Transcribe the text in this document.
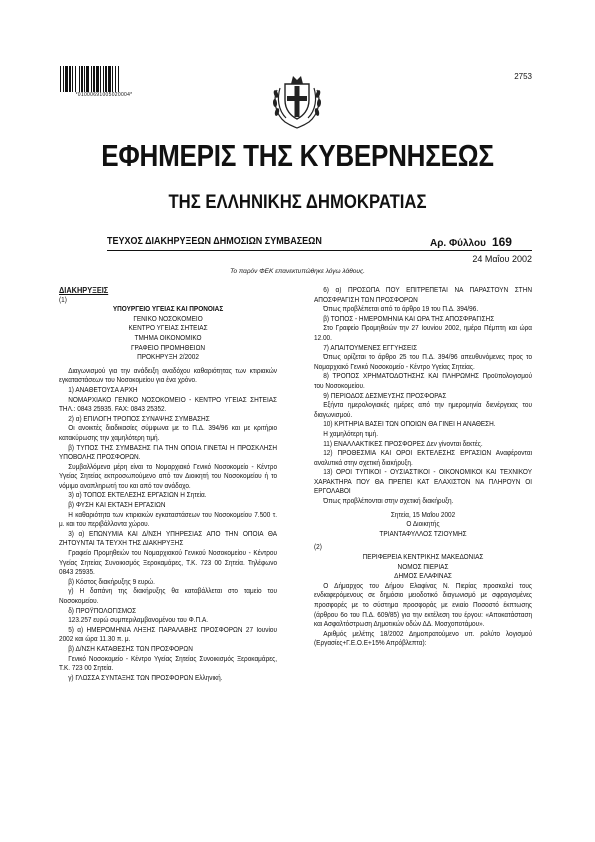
*01000691005020004*
2753
ΕΦΗΜΕΡΙΣ ΤΗΣ ΚΥΒΕΡΝΗΣΕΩΣ
ΤΗΣ ΕΛΛΗΝΙΚΗΣ ΔΗΜΟΚΡΑΤΙΑΣ
ΤΕΥΧΟΣ ΔΙΑΚΗΡΥΞΕΩΝ ΔΗΜΟΣΙΩΝ ΣΥΜΒΑΣΕΩΝ	Αρ. Φύλλου 169
24 Μαΐου 2002
Το παρόν ΦΕΚ επανεκτυπώθηκε λόγω λάθους.

ΔΙΑΚΗΡΥΞΕΙΣ

(1)

ΥΠΟΥΡΓΕΙΟ ΥΓΕΙΑΣ ΚΑΙ ΠΡΟΝΟΙΑΣ

ΓΕΝΙΚΟ ΝΟΣΟΚΟΜΕΙΟ

ΚΕΝΤΡΟ ΥΓΕΙΑΣ ΣΗΤΕΙΑΣ

ΤΜΗΜΑ ΟΙΚΟΝΟΜΙΚΟ

ΓΡΑΦΕΙΟ ΠΡΟΜΗΘΕΙΩΝ

ΠΡΟΚΗΡΥΞΗ 2/2002

Διαγωνισμού για την ανάδειξη αναδόχου καθαριότητας των κτιριακών εγκαταστάσεων του Νοσοκομείου για ένα χρόνο.

1) ΑΝΑΘΕΤΟΥΣΑ ΑΡΧΗ

ΝΟΜΑΡΧΙΑΚΟ ΓΕΝΙΚΟ ΝΟΣΟΚΟΜΕΙΟ - ΚΕΝΤΡΟ ΥΓΕΙΑΣ ΣΗΤΕΙΑΣ ΤΗΛ.: 0843 25935. FAX: 0843 25352.

2) α) ΕΠΙΛΟΓΗ ΤΡΟΠΟΣ ΣΥΝΑΨΗΣ ΣΥΜΒΑΣΗΣ

Οι ανοικτές διαδικασίες σύμφωνα με το Π.Δ. 394/96 και με κριτήριο κατακύρωσης την χαμηλότερη τιμή.

β) ΤΥΠΟΣ ΤΗΣ ΣΥΜΒΑΣΗΣ ΓΙΑ ΤΗΝ ΟΠΟΙΑ ΓΙΝΕΤΑΙ Η ΠΡΟΣΚΛΗΣΗ ΥΠΟΒΟΛΗΣ ΠΡΟΣΦΟΡΩΝ.

Συμβαλλόμενα μέρη είναι το Νομαρχιακό Γενικό Νοσοκομείο - Κέντρο Υγείας Σητείας εκπροσωπούμενο από τον Διοικητή του Νοσοκομείου ή το νόμιμο αναπληρωτή του και από τον ανάδοχο.

3) α) ΤΟΠΟΣ ΕΚΤΕΛΕΣΗΣ ΕΡΓΑΣΙΩΝ Η Σητεία.

β) ΦΥΣΗ ΚΑΙ ΕΚΤΑΣΗ ΕΡΓΑΣΙΩΝ

Η καθαριότητα των κτιριακών εγκαταστάσεων του Νοσοκομείου 7.500 τ. μ. και του περιβάλλοντα χώρου.

3) α) ΕΠΩΝΥΜΙΑ ΚΑΙ Δ/ΝΣΗ ΥΠΗΡΕΣΙΑΣ ΑΠΟ ΤΗΝ ΟΠΟΙΑ ΘΑ ΖΗΤΟΥΝΤΑΙ ΤΑ ΤΕΥΧΗ ΤΗΣ ΔΙΑΚΗΡΥΞΗΣ

Γραφείο Προμηθειών του Νομαρχιακού Γενικού Νοσοκομείου - Κέντρου Υγείας Σητείας Συνοικισμός Ξεροκαμάρες, Τ.Κ. 723 00 Σητεία. Τηλέφωνο 0843 25935.

β) Κόστος διακήρυξης 9 ευρώ.

γ) Η δαπάνη της διακήρυξης θα καταβάλλεται στο ταμείο του Νοσοκομείου.

δ) ΠΡΟΫΠΟΛΟΓΙΣΜΟΣ

123.257 ευρώ συμπεριλαμβανομένου του Φ.Π.Α.

5) α) ΗΜΕΡΟΜΗΝΙΑ ΛΗΞΗΣ ΠΑΡΑΛΑΒΗΣ ΠΡΟΣΦΟΡΩΝ 27 Ιουνίου 2002 και ώρα 11.30 π. μ.

β) Δ/ΝΣΗ ΚΑΤΑΘΕΣΗΣ ΤΩΝ ΠΡΟΣΦΟΡΩΝ

Γενικό Νοσοκομείο - Κέντρο Υγείας Σητείας Συνοικισμός Ξεροκαμάρες, Τ.Κ. 723 00 Σητεία.

γ) ΓΛΩΣΣΑ ΣΥΝΤΑΞΗΣ ΤΩΝ ΠΡΟΣΦΟΡΩΝ Ελληνική.

6) α) ΠΡΟΣΩΠΑ ΠΟΥ ΕΠΙΤΡΕΠΕΤΑΙ ΝΑ ΠΑΡΑΣΤΟΥΝ ΣΤΗΝ ΑΠΟΣΦΡΑΓΙΣΗ ΤΩΝ ΠΡΟΣΦΟΡΩΝ

Όπως προβλέπεται από το άρθρο 19 του Π.Δ. 394/96.

β) ΤΟΠΟΣ - ΗΜΕΡΟΜΗΝΙΑ ΚΑΙ ΩΡΑ ΤΗΣ ΑΠΟΣΦΡΑΓΙΣΗΣ

Στο Γραφείο Προμηθειών την 27 Ιουνίου 2002, ημέρα Πέμπτη και ώρα 12.00.

7) ΑΠΑΙΤΟΥΜΕΝΕΣ ΕΓΓΥΗΣΕΙΣ

Όπως ορίζεται το άρθρο 25 του Π.Δ. 394/96 απευθυνόμενες προς το Νομαρχιακό Γενικό Νοσοκομείο - Κέντρο Υγείας Σητείας.

8) ΤΡΟΠΟΣ ΧΡΗΜΑΤΟΔΟΤΗΣΗΣ ΚΑΙ ΠΛΗΡΩΜΗΣ Προϋπολογισμού του Νοσοκομείου.

9) ΠΕΡΙΟΔΟΣ ΔΕΣΜΕΥΣΗΣ ΠΡΟΣΦΟΡΑΣ

Εξήντα ημερολογιακές ημέρες από την ημερομηνία διενέργειας του διαγωνισμού.

10) ΚΡΙΤΗΡΙΑ ΒΑΣΕΙ ΤΩΝ ΟΠΟΙΩΝ ΘΑ ΓΙΝΕΙ Η ΑΝΑΘΕΣΗ.

Η χαμηλότερη τιμή.

11) ΕΝΑΛΛΑΚΤΙΚΕΣ ΠΡΟΣΦΟΡΕΣ Δεν γίνονται δεκτές.

12) ΠΡΟΘΕΣΜΙΑ ΚΑΙ ΟΡΟΙ ΕΚΤΕΛΕΣΗΣ ΕΡΓΑΣΙΩΝ Αναφέρονται αναλυτικά στην σχετική διακήρυξη.

13) ΟΡΟΙ ΤΥΠΙΚΟΙ - ΟΥΣΙΑΣΤΙΚΟΙ - ΟΙΚΟΝΟΜΙΚΟΙ ΚΑΙ ΤΕΧΝΙΚΟΥ ΧΑΡΑΚΤΗΡΑ ΠΟΥ ΘΑ ΠΡΕΠΕΙ ΚΑΤ ΕΛΑΧΙΣΤΟΝ ΝΑ ΠΛΗΡΟΥΝ ΟΙ ΕΡΓΟΛΑΒΟΙ

Όπως προβλέπονται στην σχετική διακήρυξη.

Σητεία, 15 Μαΐου 2002

Ο Διοικητής

ΤΡΙΑΝΤΑΦΥΛΛΟΣ ΤΖΙΟΥΜΗΣ

(2)

ΠΕΡΙΦΕΡΕΙΑ ΚΕΝΤΡΙΚΗΣ ΜΑΚΕΔΟΝΙΑΣ

ΝΟΜΟΣ ΠΙΕΡΙΑΣ

ΔΗΜΟΣ ΕΛΑΦΙΝΑΣ

Ο Δήμαρχος του Δήμου Ελαφίνας Ν. Πιερίας προσκαλεί τους ενδιαφερόμενους σε δημόσιο μειοδοτικό διαγωνισμό με σφραγισμένες προσφορές με το σύστημα προσφοράς με ενιαίο Ποσοστό έκπτωσης (άρθρου 6ο του Π.Δ. 609/85) για την εκτέλεση του έργου: «Αποκατάσταση και Ασφαλτόστρωση Δημοτικών οδών ΔΔ. Μοσχοποτάμου».

Αριθμός μελέτης 18/2002 Δημοπρατούμενο υπ. ρολύτο λογισμού (Εργασίες+Γ.Ε.Ο.Ε+15% Απρόβλεπτα):
